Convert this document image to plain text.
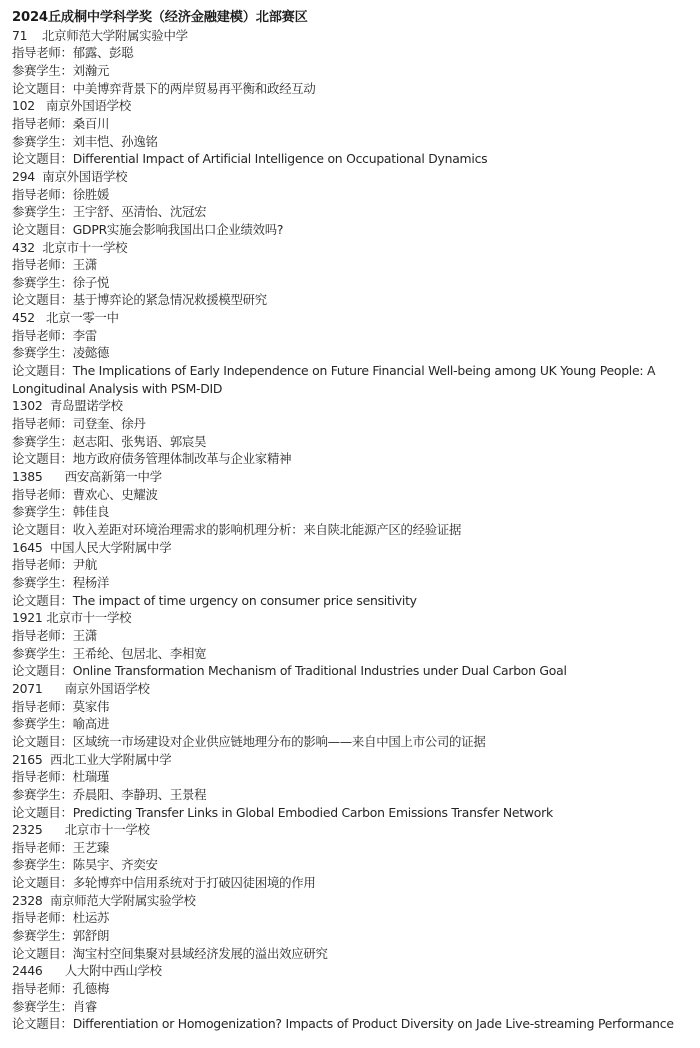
2024丘成桐中学科学奖（经济金融建模）北部赛区
71 北京师范大学附属实验中学
指导老师：郁露、彭聪
参赛学生：刘瀚元
论文题目：中美博弈背景下的两岸贸易再平衡和政经互动
102 南京外国语学校
指导老师：桑百川
参赛学生：刘丰恺、孙逸铭
论文题目：Differential Impact of Artificial Intelligence on Occupational Dynamics
294 南京外国语学校
指导老师：徐胜媛
参赛学生：王宇舒、巫清怡、沈冠宏
论文题目：GDPR实施会影响我国出口企业绩效吗?
432 北京市十一学校
指导老师：王潇
参赛学生：徐子悦
论文题目：基于博弈论的紧急情况救援模型研究
452 北京一零一中
指导老师：李雷
参赛学生：凌懿德
论文题目：The Implications of Early Independence on Future Financial Well-being among UK Young People: A Longitudinal Analysis with PSM-DID
1302 青岛盟诺学校
指导老师：司登奎、徐丹
参赛学生：赵志阳、张隽语、郭宸昊
论文题目：地方政府债务管理体制改革与企业家精神
1385 西安高新第一中学
指导老师：曹欢心、史耀波
参赛学生：韩佳良
论文题目：收入差距对环境治理需求的影响机理分析：来自陕北能源产区的经验证据
1645 中国人民大学附属中学
指导老师：尹航
参赛学生：程杨洋
论文题目：The impact of time urgency on consumer price sensitivity
1921 北京市十一学校
指导老师：王潇
参赛学生：王希纶、包居北、李相宽
论文题目：Online Transformation Mechanism of Traditional Industries under Dual Carbon Goal
2071 南京外国语学校
指导老师：莫家伟
参赛学生：喻高进
论文题目：区域统一市场建设对企业供应链地理分布的影响——来自中国上市公司的证据
2165 西北工业大学附属中学
指导老师：杜瑞瑾
参赛学生：乔晨阳、李静玥、王景程
论文题目：Predicting Transfer Links in Global Embodied Carbon Emissions Transfer Network
2325 北京市十一学校
指导老师：王艺臻
参赛学生：陈昊宇、齐奕安
论文题目：多轮博弈中信用系统对于打破囚徒困境的作用
2328 南京师范大学附属实验学校
指导老师：杜运苏
参赛学生：郭舒朗
论文题目：淘宝村空间集聚对县域经济发展的溢出效应研究
2446 人大附中西山学校
指导老师：孔德梅
参赛学生：肖睿
论文题目：Differentiation or Homogenization? Impacts of Product Diversity on Jade Live-streaming Performance
